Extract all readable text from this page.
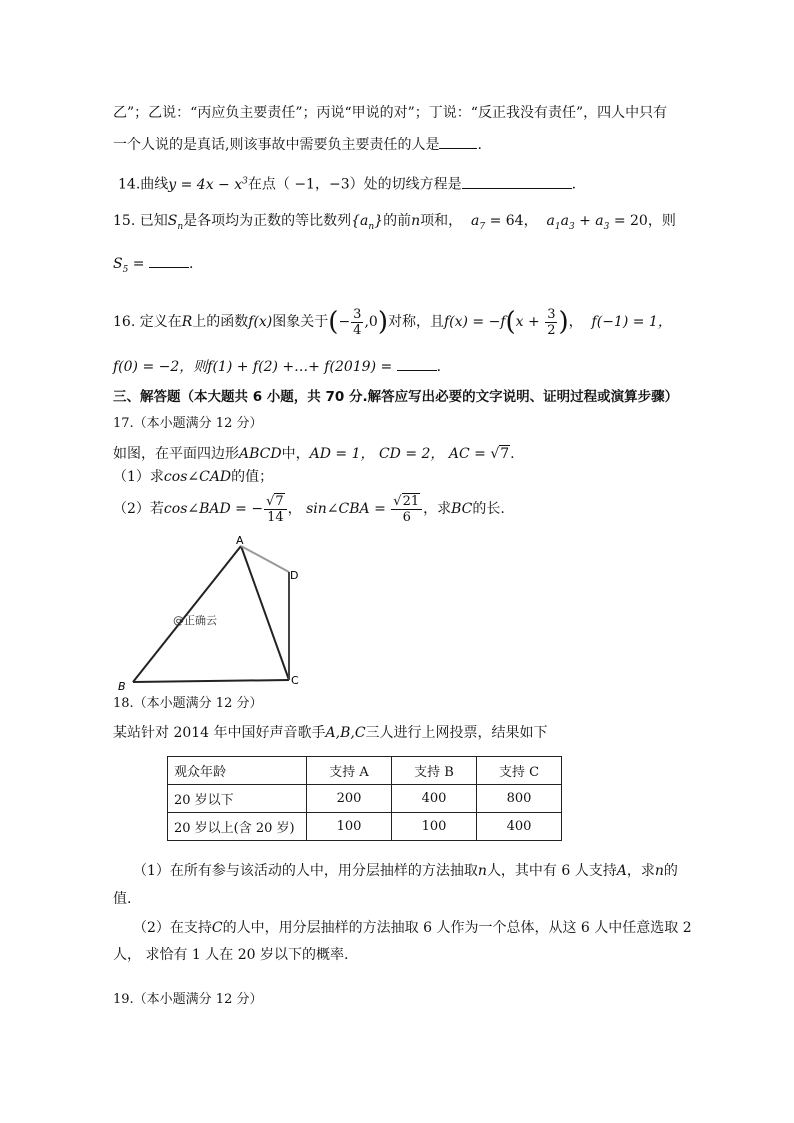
乙”；乙说：“丙应负主要责任”；丙说“甲说的对”；丁说：“反正我没有责任”，四人中只有
一个人说的是真话,则该事故中需要负主要责任的人是	.
14.曲线$y = 4x - x^3$在点（ −1，−3）处的切线方程是	.
15. 已知$S_n$是各项均为正数的等比数列$\{a_n\}$的前n项和， $a_7 = 64$， $a_1a_3 + a_3 = 20$，则
$S_5$ =	.
16. 定义在R上的函数f(x)图象关于(− $\frac{3}{4} ,0$)对称，且$f(x) = -f(x + \frac{3}{2}$ )， f(−1) = 1，
f(0) = −2，则f(1) + f(2) +…+ f(2019) =	.
三、解答题（本大题共 6 小题，共 70 分.解答应写出必要的文字说明、证明过程或演算步骤）
17.（本小题满分 12 分）
如图，在平面四边形ABCD中，AD = 1， CD = 2， AC = √7.
（1）求cos∠CAD的值；
（2）若cos∠BAD = − $\frac{√7}{14}$ ， sin∠CBA = $\frac{√21}{6}$ ，求BC的长.
A
B	C
D
@正确云
18.（本小题满分 12 分）
某站针对 2014 年中国好声音歌手A,B,C三人进行上网投票，结果如下
观众年龄	支持 A	支持 B	支持 C
20 岁以下	200	400	800
20 岁以上(含 20 岁)	100	100	400
（1）在所有参与该活动的人中，用分层抽样的方法抽取n人，其中有 6 人支持A，求n的
值.
（2）在支持C的人中，用分层抽样的方法抽取 6 人作为一个总体，从这 6 人中任意选取 2
人， 求恰有 1 人在 20 岁以下的概率.
19.（本小题满分 12 分）
